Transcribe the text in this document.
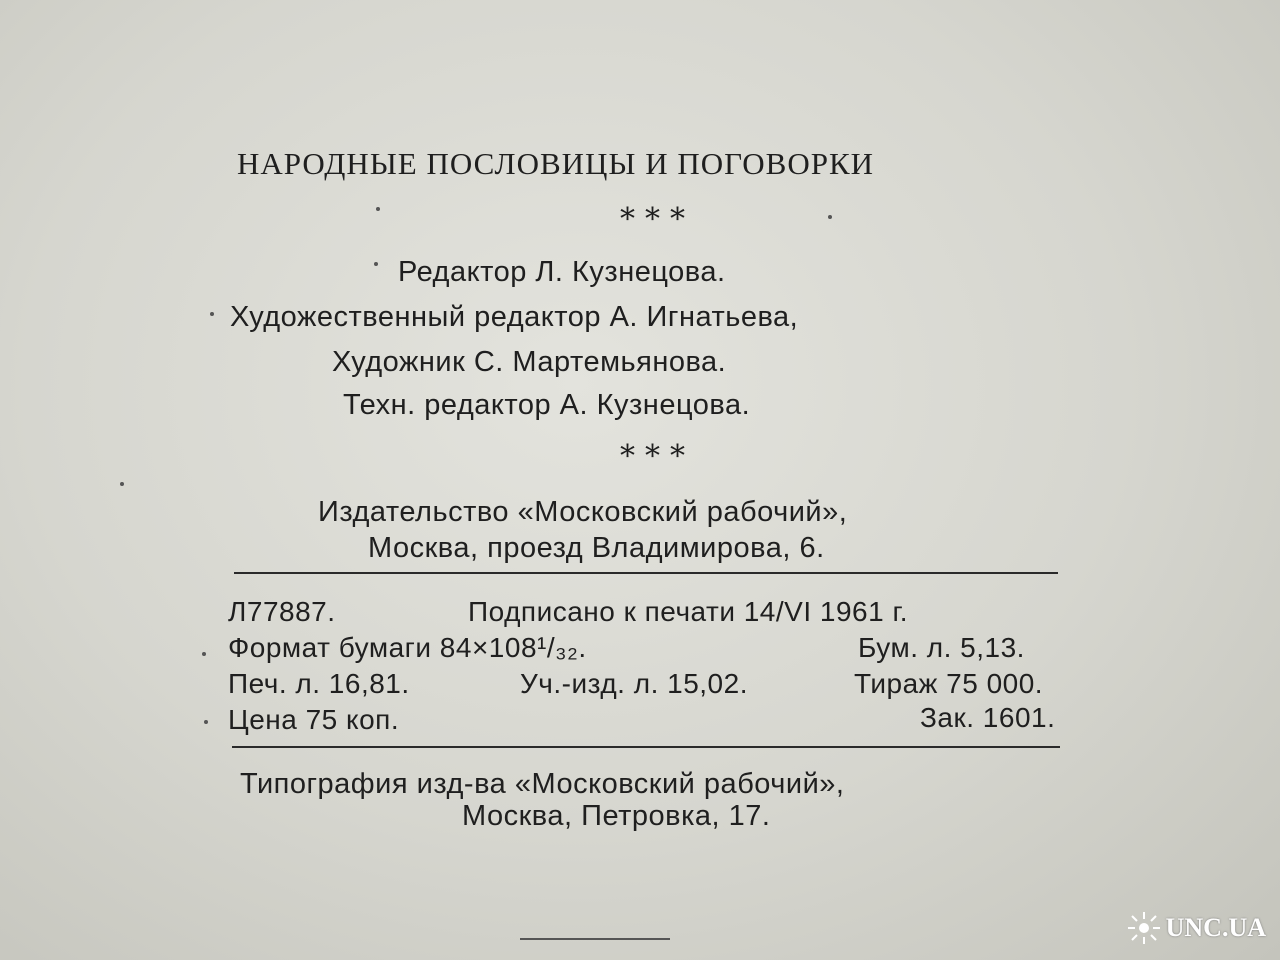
НАРОДНЫЕ ПОСЛОВИЦЫ И ПОГОВОРКИ
***
Редактор Л. Кузнецова.
Художественный редактор А. Игнатьева,
Художник С. Мартемьянова.
Техн. редактор А. Кузнецова.
***
Издательство «Московский рабочий»,
Москва, проезд Владимирова, 6.
Л77887.	Подписано к печати 14/VI 1961 г.
Формат бумаги 84×108¹/₃₂.	Бум. л. 5,13.
Печ. л. 16,81.	Уч.-изд. л. 15,02.	Тираж 75 000.
Цена 75 коп.	Зак. 1601.
Типография изд-ва «Московский рабочий»,
Москва, Петровка, 17.
UNC.UA
